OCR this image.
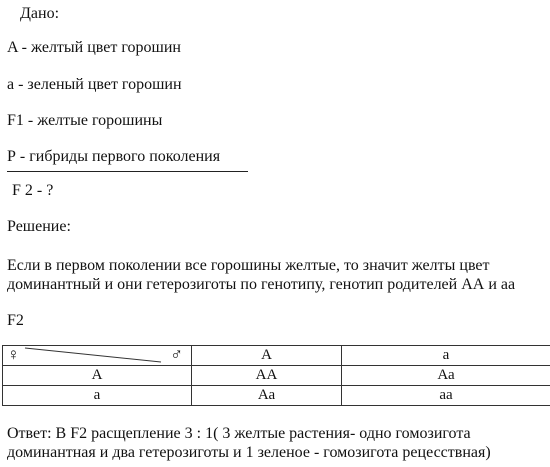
Дано:
A - желтый цвет горошин
а - зеленый цвет горошин
F1 - желтые горошины
Р - гибриды первого поколения
F 2 - ?
Решение:
Если в первом поколении все горошины желтые, то значит желты цвет
доминантный и они гетерозиготы по генотипу, генотип родителей АА и аа
F2
♀ ♂	А	а
А	АА	Аа
а	Аа	аа
Ответ: В F2 расщепление 3 : 1( 3 желтые растения- одно гомозигота
доминантная и два гетерозиготы и 1 зеленое - гомозигота рецесствная)
